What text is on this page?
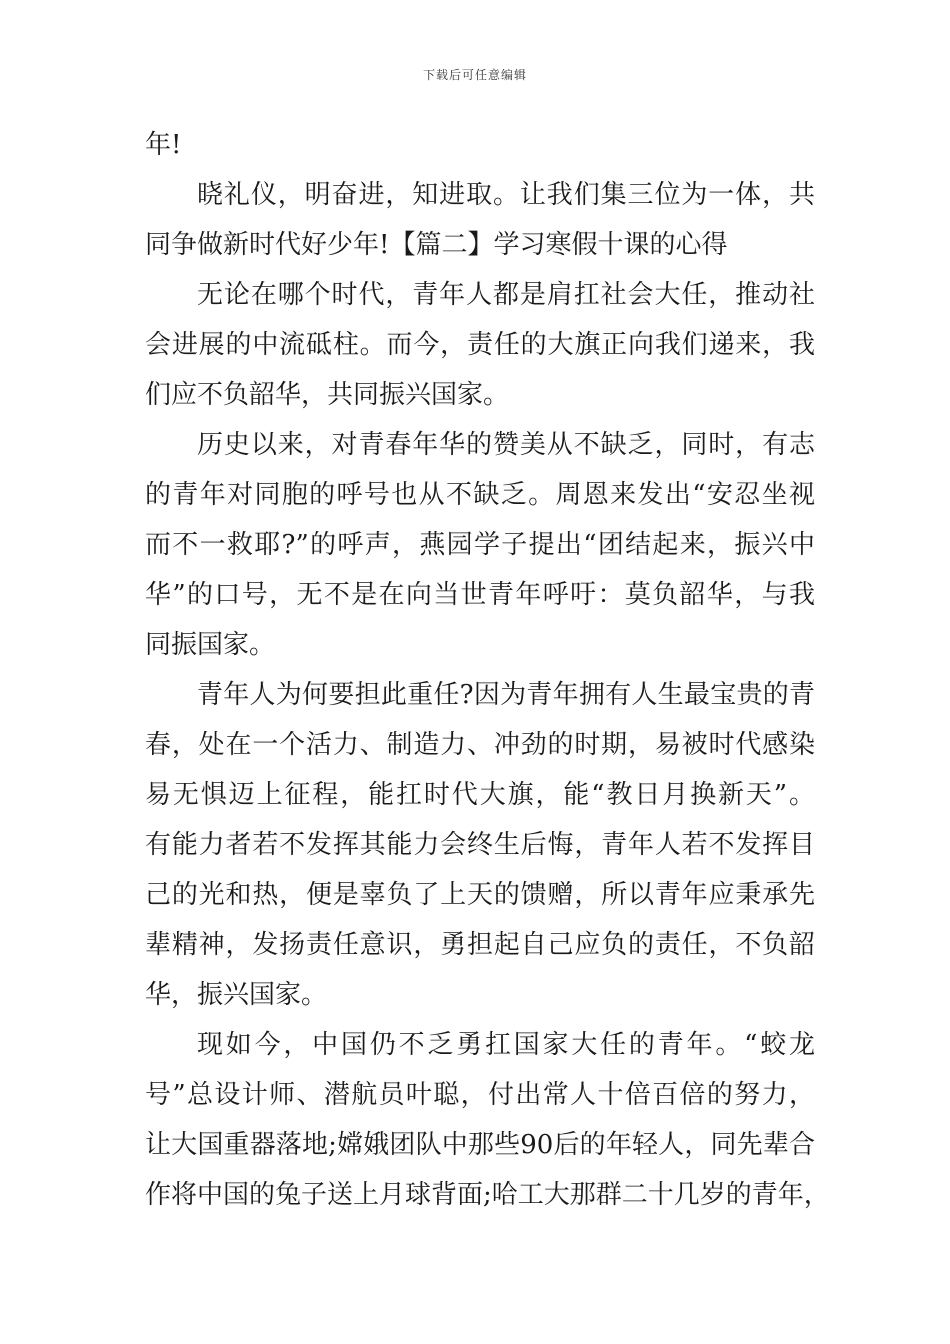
下载后可任意编辑
年!
晓礼仪，明奋进，知进取。让我们集三位为一体，共
同争做新时代好少年!【篇二】学习寒假十课的心得
无论在哪个时代，青年人都是肩扛社会大任，推动社
会进展的中流砥柱。而今，责任的大旗正向我们递来，我
们应不负韶华，共同振兴国家。
历史以来，对青春年华的赞美从不缺乏，同时，有志
的青年对同胞的呼号也从不缺乏。周恩来发出“安忍坐视
而不一救耶?”的呼声，燕园学子提出“团结起来，振兴中
华”的口号，无不是在向当世青年呼吁：莫负韶华，与我
同振国家。
青年人为何要担此重任?因为青年拥有人生最宝贵的青
春，处在一个活力、制造力、冲劲的时期，易被时代感染
易无惧迈上征程，能扛时代大旗，能“教日月换新天”。
有能力者若不发挥其能力会终生后悔，青年人若不发挥目
己的光和热，便是辜负了上天的馈赠，所以青年应秉承先
辈精神，发扬责任意识，勇担起自己应负的责任，不负韶
华，振兴国家。
现如今，中国仍不乏勇扛国家大任的青年。“蛟龙
号”总设计师、潜航员叶聪，付出常人十倍百倍的努力，
让大国重器落地;嫦娥团队中那些90后的年轻人，同先辈合
作将中国的兔子送上月球背面;哈工大那群二十几岁的青年，
